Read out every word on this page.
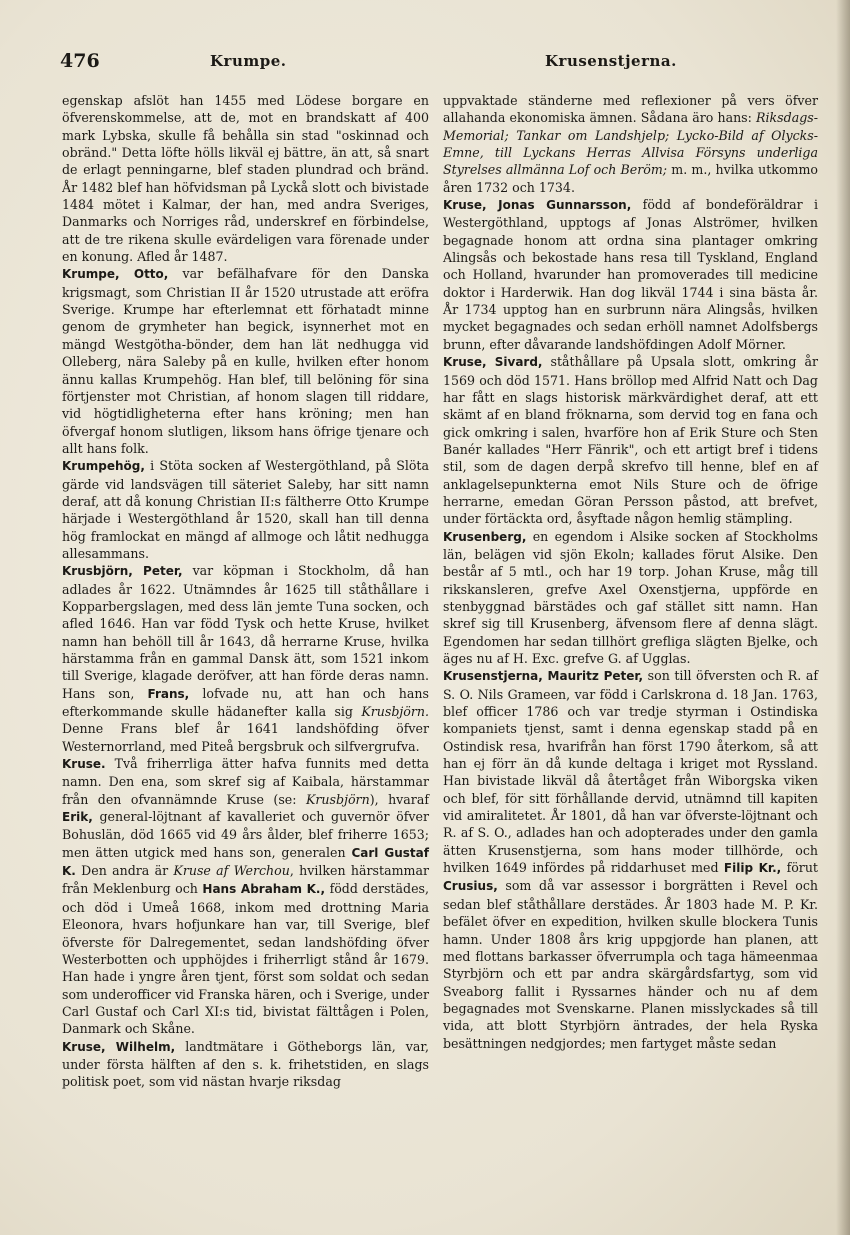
476	Krumpe.	Krusenstjerna.

egenskap afslöt han 1455 med Lödese borgare en öfverenskommelse, att de, mot en brandskatt af 400 mark Lybska, skulle få behålla sin stad "oskinnad och obränd." Detta löfte hölls likväl ej bättre, än att, så snart de erlagt penningarne, blef staden plundrad och bränd. År 1482 blef han höfvidsman på Lyckå slott och bivistade 1484 mötet i Kalmar, der han, med andra Sveriges, Danmarks och Norriges råd, underskref en förbindelse, att de tre rikena skulle evärdeligen vara förenade under en konung. Afled år 1487.

Krumpe, Otto, var befälhafvare för den Danska krigsmagt, som Christian II år 1520 utrustade att eröfra Sverige. Krumpe har efterlemnat ett förhatadt minne genom de grymheter han begick, isynnerhet mot en mängd Westgötha-bönder, dem han lät nedhugga vid Olleberg, nära Saleby på en kulle, hvilken efter honom ännu kallas Krumpehög. Han blef, till belöning för sina förtjenster mot Christian, af honom slagen till riddare, vid högtidligheterna efter hans kröning; men han öfvergaf honom slutligen, liksom hans öfrige tjenare och allt hans folk.

Krumpehög, i Stöta socken af Westergöthland, på Slöta gärde vid landsvägen till säteriet Saleby, har sitt namn deraf, att då konung Christian II:s fältherre Otto Krumpe härjade i Westergöthland år 1520, skall han till denna hög framlockat en mängd af allmoge och låtit nedhugga allesammans.

Krusbjörn, Peter, var köpman i Stockholm, då han adlades år 1622. Utnämndes år 1625 till ståthållare i Kopparbergslagen, med dess län jemte Tuna socken, och afled 1646. Han var född Tysk och hette Kruse, hvilket namn han behöll till år 1643, då herrarne Kruse, hvilka härstamma från en gammal Dansk ätt, som 1521 inkom till Sverige, klagade deröfver, att han förde deras namn. Hans son, Frans, lofvade nu, att han och hans efterkommande skulle hädanefter kalla sig Krusbjörn. Denne Frans blef år 1641 landshöfding öfver Westernorrland, med Piteå bergsbruk och silfvergrufva.

Kruse. Två friherrliga ätter hafva funnits med detta namn. Den ena, som skref sig af Kaibala, härstammar från den ofvannämnde Kruse (se: Krusbjörn), hvaraf Erik, general-löjtnant af kavalleriet och guvernör öfver Bohuslän, död 1665 vid 49 års ålder, blef friherre 1653; men ätten utgick med hans son, generalen Carl Gustaf K. Den andra är Kruse af Werchou, hvilken härstammar från Meklenburg och Hans Abraham K., född derstädes, och död i Umeå 1668, inkom med drottning Maria Eleonora, hvars hofjunkare han var, till Sverige, blef öfverste för Dalregementet, sedan landshöfding öfver Westerbotten och upphöjdes i friherrligt stånd år 1679. Han hade i yngre åren tjent, först som soldat och sedan som underofficer vid Franska hären, och i Sverige, under Carl Gustaf och Carl XI:s tid, bivistat fälttågen i Polen, Danmark och Skåne.

Kruse, Wilhelm, landtmätare i Götheborgs län, var, under första hälften af den s. k. frihetstiden, en slags politisk poet, som vid nästan hvarje riksdag

uppvaktade ständerne med reflexioner på vers öfver allahanda ekonomiska ämnen. Sådana äro hans: Riksdags-Memorial; Tankar om Landshjelp; Lycko-Bild af Olycks-Emne, till Lyckans Herras Allvisa Försyns underliga Styrelses allmänna Lof och Beröm; m. m., hvilka utkommo åren 1732 och 1734.

Kruse, Jonas Gunnarsson, född af bondeföräldrar i Westergöthland, upptogs af Jonas Alströmer, hvilken begagnade honom att ordna sina plantager omkring Alingsås och bekostade hans resa till Tyskland, England och Holland, hvarunder han promoverades till medicine doktor i Harderwik. Han dog likväl 1744 i sina bästa år. År 1734 upptog han en surbrunn nära Alingsås, hvilken mycket begagnades och sedan erhöll namnet Adolfsbergs brunn, efter dåvarande landshöfdingen Adolf Mörner.

Kruse, Sivard, ståthållare på Upsala slott, omkring år 1569 och död 1571. Hans bröllop med Alfrid Natt och Dag har fått en slags historisk märkvärdighet deraf, att ett skämt af en bland fröknarna, som dervid tog en fana och gick omkring i salen, hvarföre hon af Erik Sture och Sten Banér kallades "Herr Fänrik", och ett artigt bref i tidens stil, som de dagen derpå skrefvo till henne, blef en af anklagelsepunkterna emot Nils Sture och de öfrige herrarne, emedan Göran Persson påstod, att brefvet, under förtäckta ord, åsyftade någon hemlig stämpling.

Krusenberg, en egendom i Alsike socken af Stockholms län, belägen vid sjön Ekoln; kallades förut Alsike. Den består af 5 mtl., och har 19 torp. Johan Kruse, måg till rikskansleren, grefve Axel Oxenstjerna, uppförde en stenbyggnad bärstädes och gaf stället sitt namn. Han skref sig till Krusenberg, äfvensom flere af denna slägt. Egendomen har sedan tillhört grefliga slägten Bjelke, och äges nu af H. Exc. grefve G. af Ugglas.

Krusenstjerna, Mauritz Peter, son till öfversten och R. af S. O. Nils Grameen, var född i Carlskrona d. 18 Jan. 1763, blef officer 1786 och var tredje styrman i Ostindiska kompaniets tjenst, samt i denna egenskap stadd på en Ostindisk resa, hvarifrån han först 1790 återkom, så att han ej förr än då kunde deltaga i kriget mot Ryssland. Han bivistade likväl då återtåget från Wiborgska viken och blef, för sitt förhållande dervid, utnämnd till kapiten vid amiralitetet. År 1801, då han var öfverste-löjtnant och R. af S. O., adlades han och adopterades under den gamla ätten Krusenstjerna, som hans moder tillhörde, och hvilken 1649 infördes på riddarhuset med Filip Kr., förut Crusius, som då var assessor i borgrätten i Revel och sedan blef ståthållare derstädes. År 1803 hade M. P. Kr. befälet öfver en expedition, hvilken skulle blockera Tunis hamn. Under 1808 års krig uppgjorde han planen, att med flottans barkasser öfverrumpla och taga hämeenmaa Styrbjörn och ett par andra skärgårdsfartyg, som vid Sveaborg fallit i Ryssarnes händer och nu af dem begagnades mot Svenskarne. Planen misslyckades så till vida, att blott Styrbjörn äntrades, der hela Ryska besättningen nedgjordes; men fartyget måste sedan
